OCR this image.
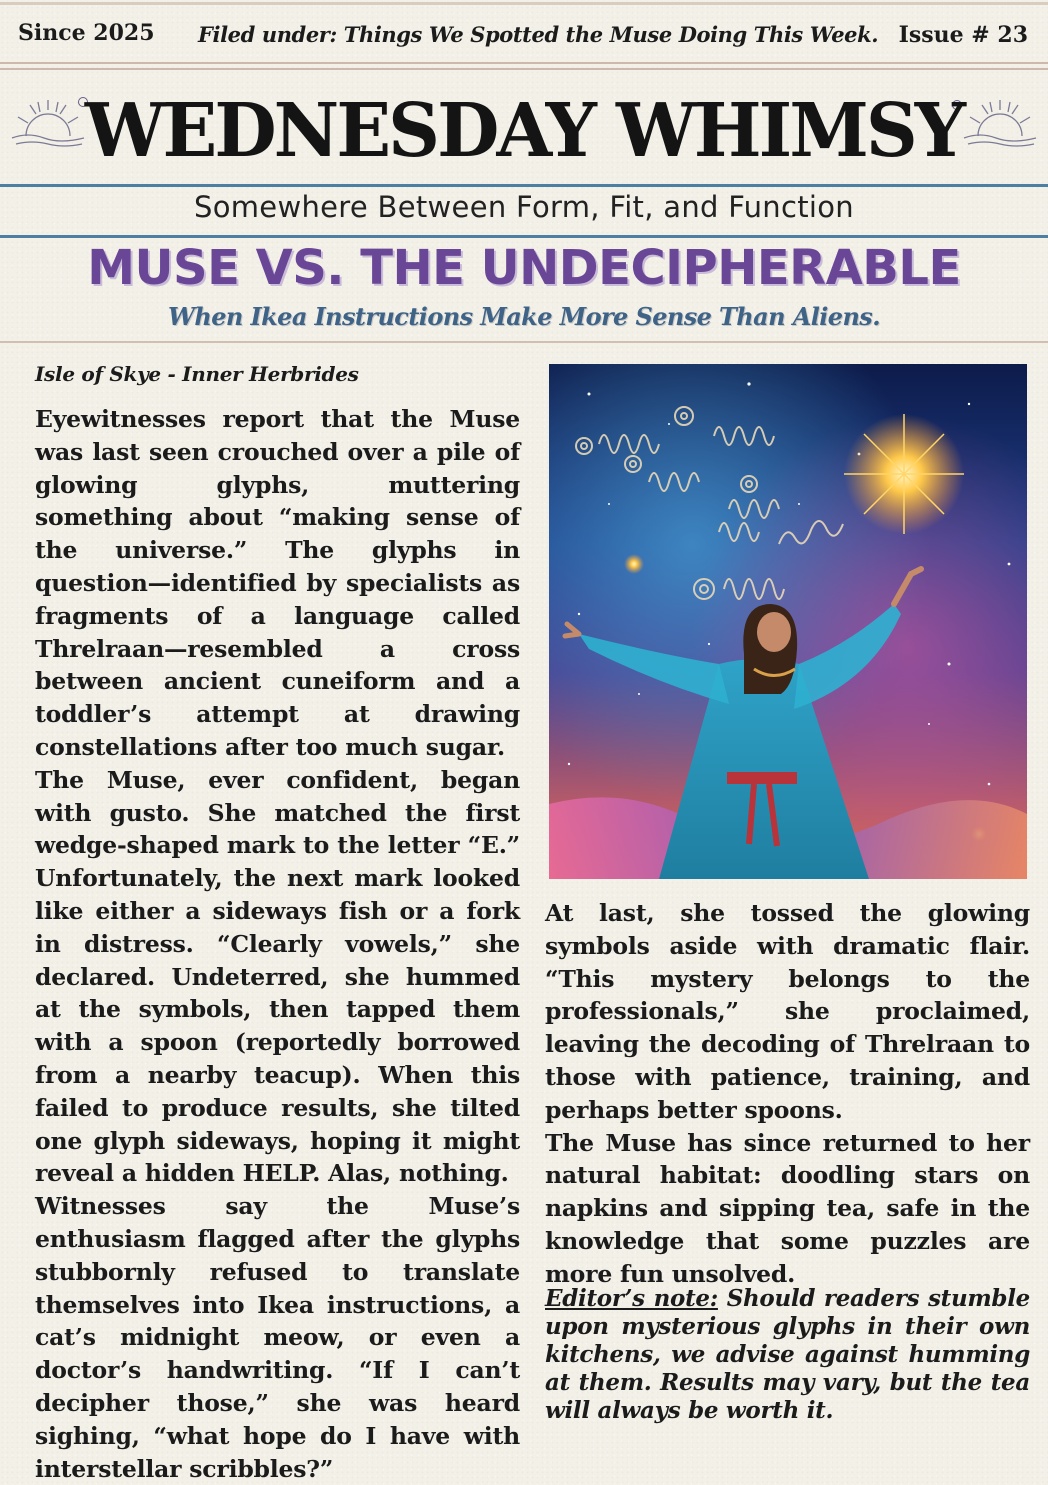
Since 2025 Filed under: Things We Spotted the Muse Doing This Week. Issue # 23
WEDNESDAY WHIMSY
Somewhere Between Form, Fit, and Function
MUSE VS. THE UNDECIPHERABLE
When Ikea Instructions Make More Sense Than Aliens.
Isle of Skye - Inner Herbrides

Eyewitnesses report that the Muse was last seen crouched over a pile of glowing glyphs, muttering something about “making sense of the universe.” The glyphs in question—identified by specialists as fragments of a language called Threlraan—resembled a cross between ancient cuneiform and a toddler’s attempt at drawing constellations after too much sugar.

The Muse, ever confident, began with gusto. She matched the first wedge-shaped mark to the letter “E.” Unfortunately, the next mark looked like either a sideways fish or a fork in distress. “Clearly vowels,” she declared. Undeterred, she hummed at the symbols, then tapped them with a spoon (reportedly borrowed from a nearby teacup). When this failed to produce results, she tilted one glyph sideways, hoping it might reveal a hidden HELP. Alas, nothing.

Witnesses say the Muse’s enthusiasm flagged after the glyphs stubbornly refused to translate themselves into Ikea instructions, a cat’s midnight meow, or even a doctor’s handwriting. “If I can’t decipher those,” she was heard sighing, “what hope do I have with interstellar scribbles?”

At last, she tossed the glowing symbols aside with dramatic flair. “This mystery belongs to the professionals,” she proclaimed, leaving the decoding of Threlraan to those with patience, training, and perhaps better spoons.

The Muse has since returned to her natural habitat: doodling stars on napkins and sipping tea, safe in the knowledge that some puzzles are more fun unsolved.

Editor’s note: Should readers stumble upon mysterious glyphs in their own kitchens, we advise against humming at them. Results may vary, but the tea will always be worth it.
